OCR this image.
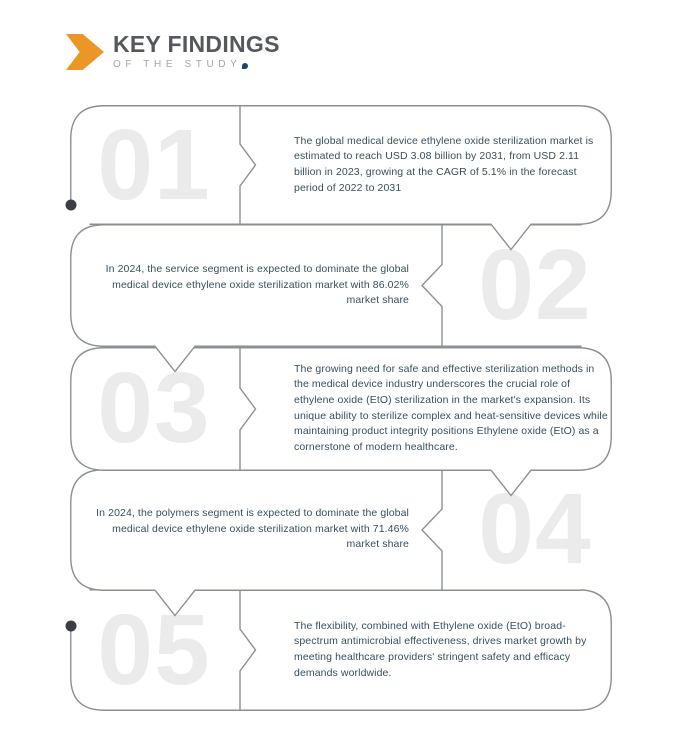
KEY FINDINGS
OF THE STUDY
01	The global medical device ethylene oxide sterilization market is estimated to reach USD 3.08 billion by 2031, from USD 2.11 billion in 2023, growing at the CAGR of 5.1% in the forecast period of 2022 to 2031
02
In 2024, the service segment is expected to dominate the global medical device ethylene oxide sterilization market with 86.02% market share
03	The growing need for safe and effective sterilization methods in the medical device industry underscores the crucial role of ethylene oxide (EtO) sterilization in the market's expansion. Its unique ability to sterilize complex and heat-sensitive devices while maintaining product integrity positions Ethylene oxide (EtO) as a cornerstone of modern healthcare.
04
In 2024, the polymers segment is expected to dominate the global medical device ethylene oxide sterilization market with 71.46% market share
05	The flexibility, combined with Ethylene oxide (EtO) broad-spectrum antimicrobial effectiveness, drives market growth by meeting healthcare providers' stringent safety and efficacy demands worldwide.
